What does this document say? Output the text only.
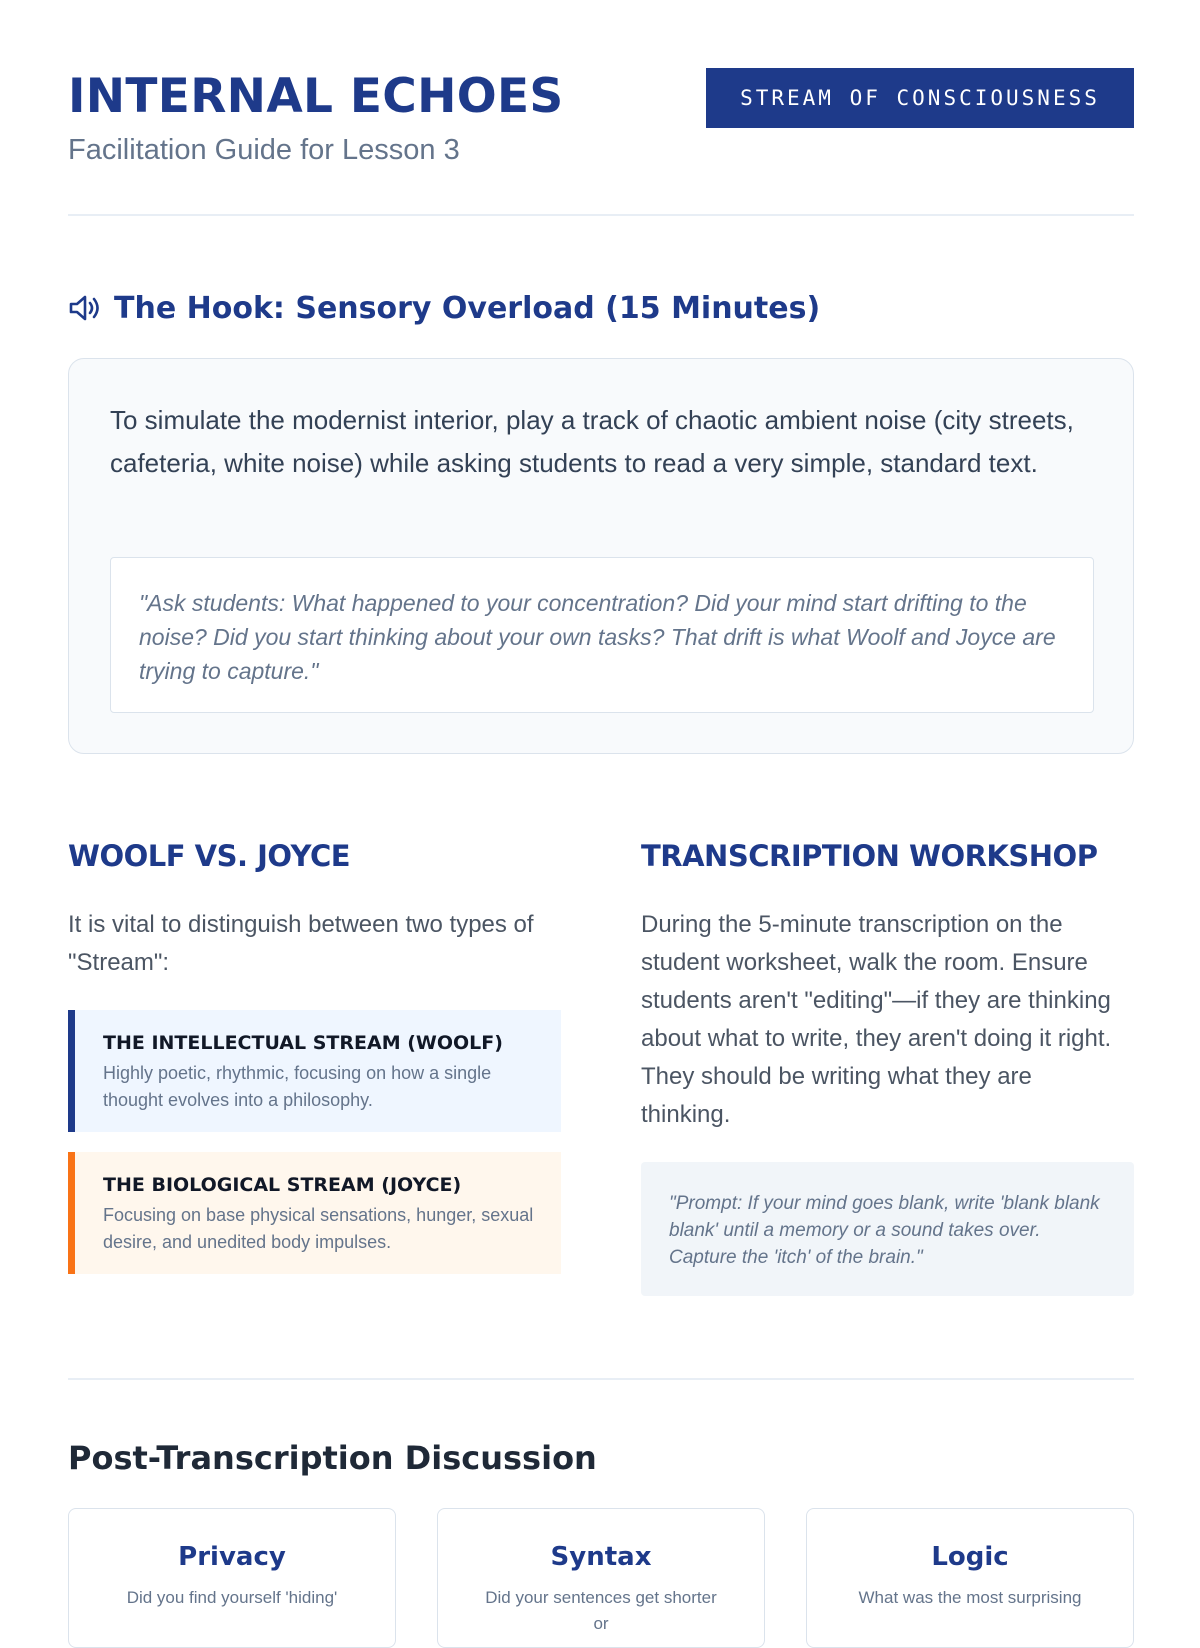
INTERNAL ECHOES
Facilitation Guide for Lesson 3
STREAM OF CONSCIOUSNESS
The Hook: Sensory Overload (15 Minutes)

To simulate the modernist interior, play a track of chaotic ambient noise (city streets, cafeteria, white noise) while asking students to read a very simple, standard text.

"Ask students: What happened to your concentration? Did your mind start drifting to the noise? Did you start thinking about your own tasks? That drift is what Woolf and Joyce are trying to capture."
WOOLF VS. JOYCE

It is vital to distinguish between two types of "Stream":

THE INTELLECTUAL STREAM (WOOLF)
Highly poetic, rhythmic, focusing on how a single thought evolves into a philosophy.
THE BIOLOGICAL STREAM (JOYCE)
Focusing on base physical sensations, hunger, sexual desire, and unedited body impulses.
TRANSCRIPTION WORKSHOP

During the 5-minute transcription on the student worksheet, walk the room. Ensure students aren't "editing"—if they are thinking about what to write, they aren't doing it right. They should be writing what they are thinking.

"Prompt: If your mind goes blank, write 'blank blank blank' until a memory or a sound takes over. Capture the 'itch' of the brain."
Post-Transcription Discussion
Privacy
Did you find yourself 'hiding'
Syntax
Did your sentences get shorter or
Logic
What was the most surprising
